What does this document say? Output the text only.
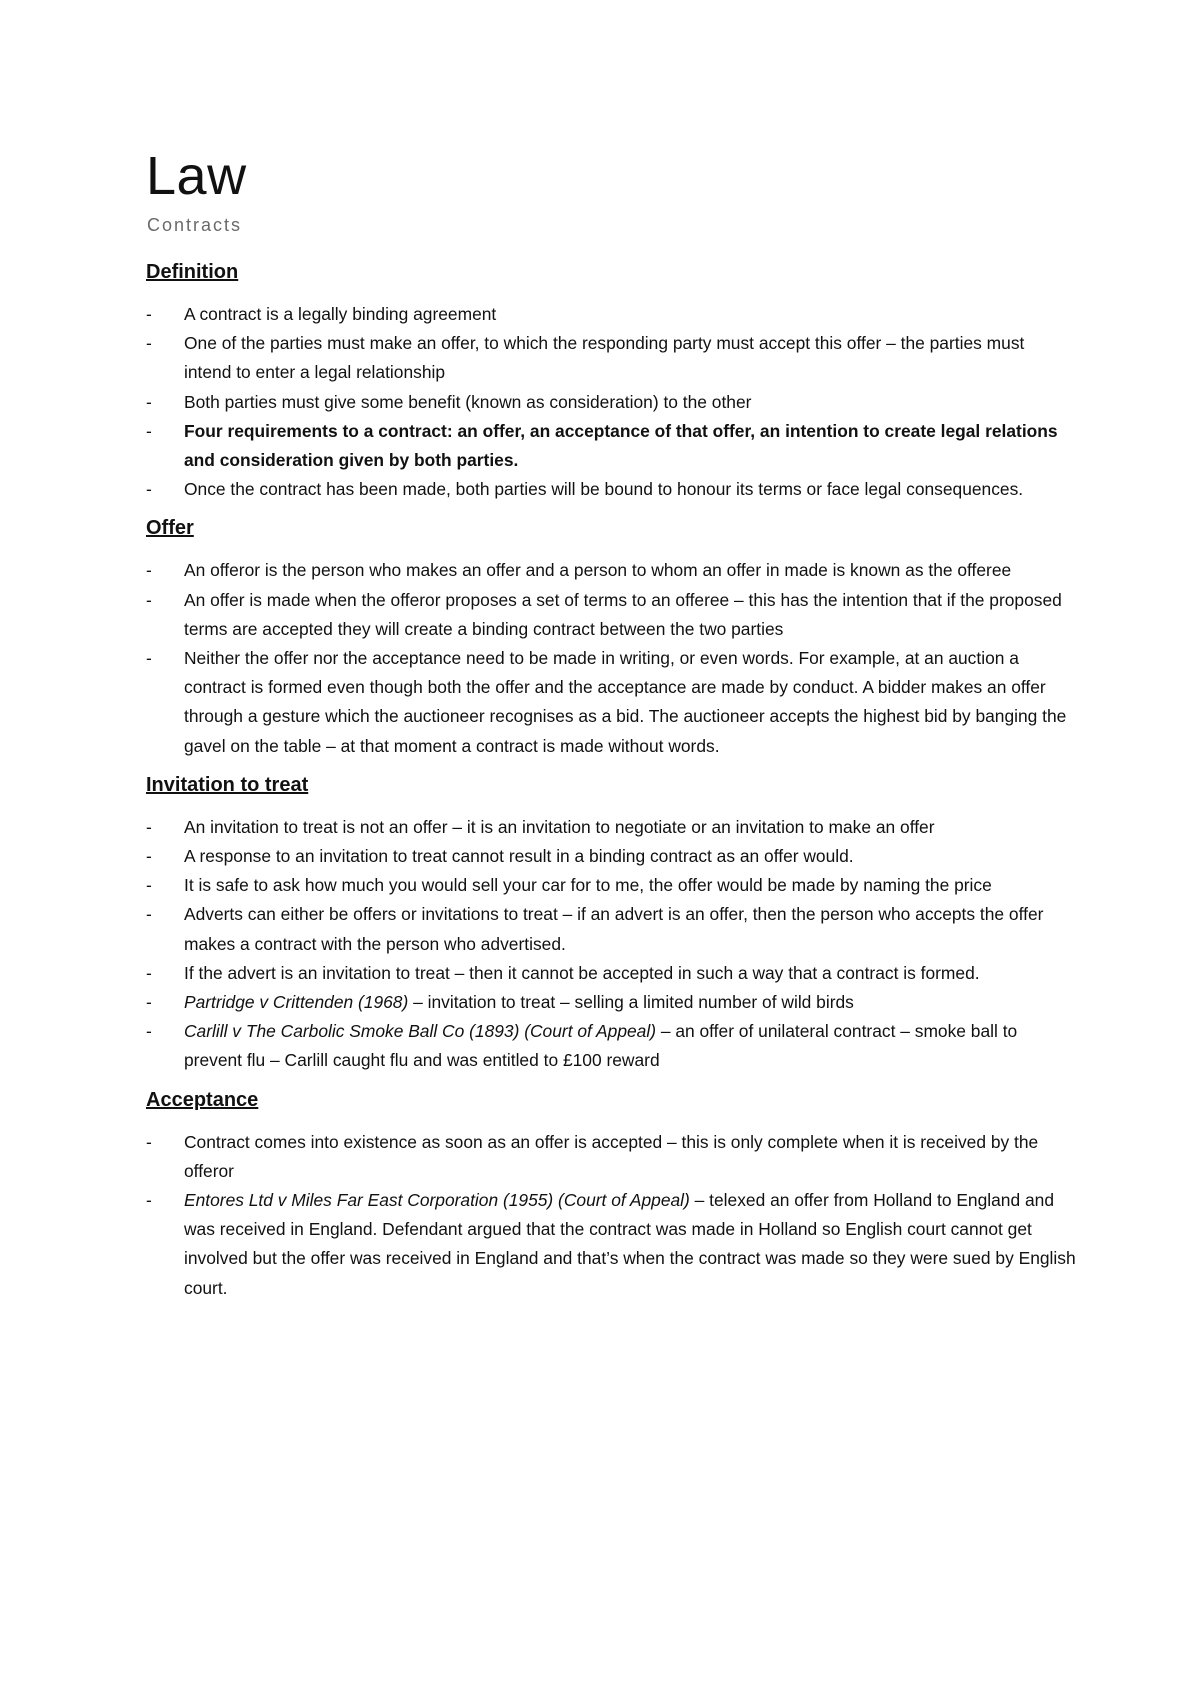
Law
Contracts
Definition
-	A contract is a legally binding agreement
-	One of the parties must make an offer, to which the responding party must accept this offer – the parties must intend to enter a legal relationship
-	Both parties must give some benefit (known as consideration) to the other
-	Four requirements to a contract: an offer, an acceptance of that offer, an intention to create legal relations and consideration given by both parties.
-	Once the contract has been made, both parties will be bound to honour its terms or face legal consequences.
Offer
-	An offeror is the person who makes an offer and a person to whom an offer in made is known as the offeree
-	An offer is made when the offeror proposes a set of terms to an offeree – this has the intention that if the proposed terms are accepted they will create a binding contract between the two parties
-	Neither the offer nor the acceptance need to be made in writing, or even words. For example, at an auction a contract is formed even though both the offer and the acceptance are made by conduct. A bidder makes an offer through a gesture which the auctioneer recognises as a bid. The auctioneer accepts the highest bid by banging the gavel on the table – at that moment a contract is made without words.
Invitation to treat
-	An invitation to treat is not an offer – it is an invitation to negotiate or an invitation to make an offer
-	A response to an invitation to treat cannot result in a binding contract as an offer would.
-	It is safe to ask how much you would sell your car for to me, the offer would be made by naming the price
-	Adverts can either be offers or invitations to treat – if an advert is an offer, then the person who accepts the offer makes a contract with the person who advertised.
-	If the advert is an invitation to treat – then it cannot be accepted in such a way that a contract is formed.
-	Partridge v Crittenden (1968) – invitation to treat – selling a limited number of wild birds
-	Carlill v The Carbolic Smoke Ball Co (1893) (Court of Appeal) – an offer of unilateral contract – smoke ball to prevent flu – Carlill caught flu and was entitled to £100 reward
Acceptance
-	Contract comes into existence as soon as an offer is accepted – this is only complete when it is received by the offeror
-	Entores Ltd v Miles Far East Corporation (1955) (Court of Appeal) – telexed an offer from Holland to England and was received in England. Defendant argued that the contract was made in Holland so English court cannot get involved but the offer was received in England and that’s when the contract was made so they were sued by English court.
